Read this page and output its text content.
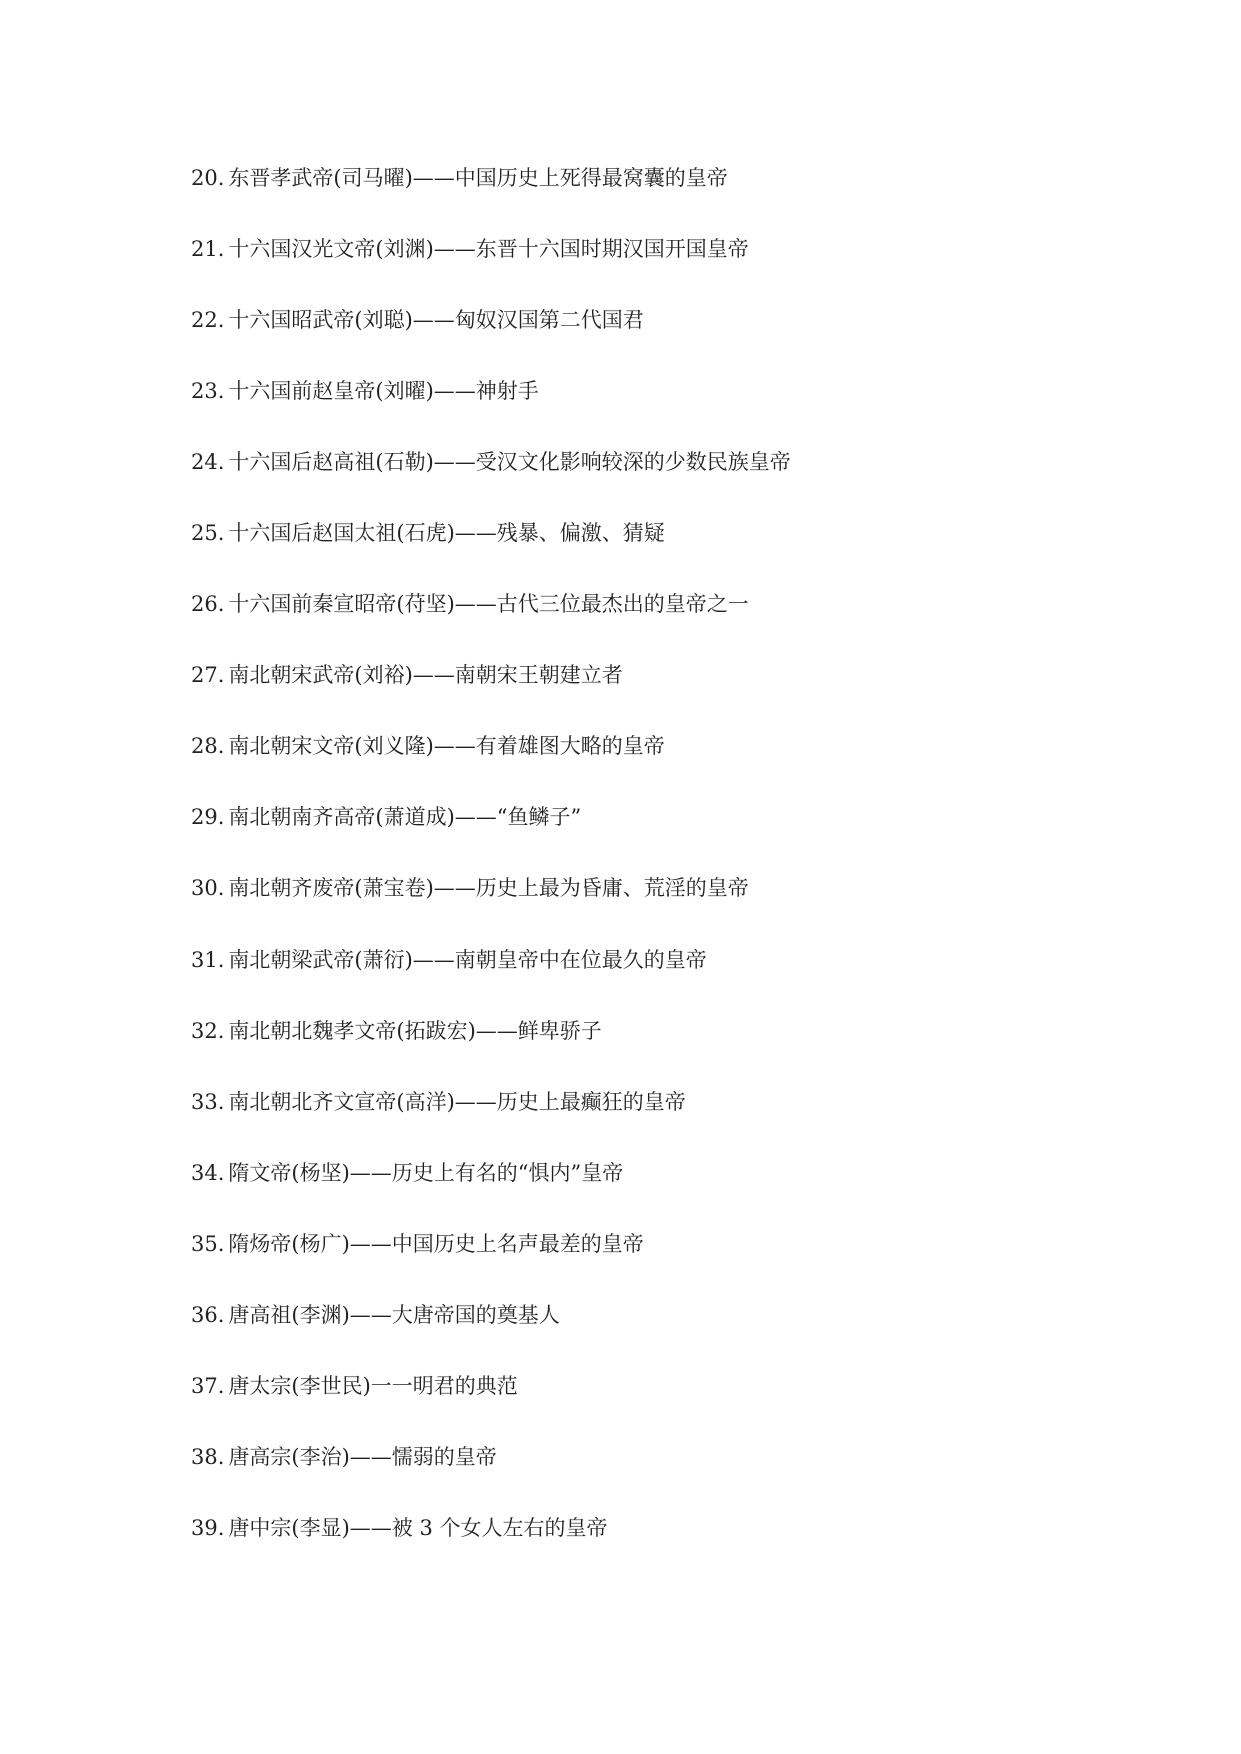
20. 东晋孝武帝(司马曜)——中国历史上死得最窝囊的皇帝
21. 十六国汉光文帝(刘渊)——东晋十六国时期汉国开国皇帝
22. 十六国昭武帝(刘聪)——匈奴汉国第二代国君
23. 十六国前赵皇帝(刘曜)——神射手
24. 十六国后赵高祖(石勒)——受汉文化影响较深的少数民族皇帝
25. 十六国后赵国太祖(石虎)——残暴、偏激、猜疑
26. 十六国前秦宣昭帝(苻坚)——古代三位最杰出的皇帝之一
27. 南北朝宋武帝(刘裕)——南朝宋王朝建立者
28. 南北朝宋文帝(刘义隆)——有着雄图大略的皇帝
29. 南北朝南齐高帝(萧道成)——“鱼鳞子”
30. 南北朝齐废帝(萧宝卷)——历史上最为昏庸、荒淫的皇帝
31. 南北朝梁武帝(萧衍)——南朝皇帝中在位最久的皇帝
32. 南北朝北魏孝文帝(拓跋宏)——鲜卑骄子
33. 南北朝北齐文宣帝(高洋)——历史上最癫狂的皇帝
34. 隋文帝(杨坚)——历史上有名的“惧内”皇帝
35. 隋炀帝(杨广)——中国历史上名声最差的皇帝
36. 唐高祖(李渊)——大唐帝国的奠基人
37. 唐太宗(李世民)一一明君的典范
38. 唐高宗(李治)——懦弱的皇帝
39. 唐中宗(李显)——被 3 个女人左右的皇帝
